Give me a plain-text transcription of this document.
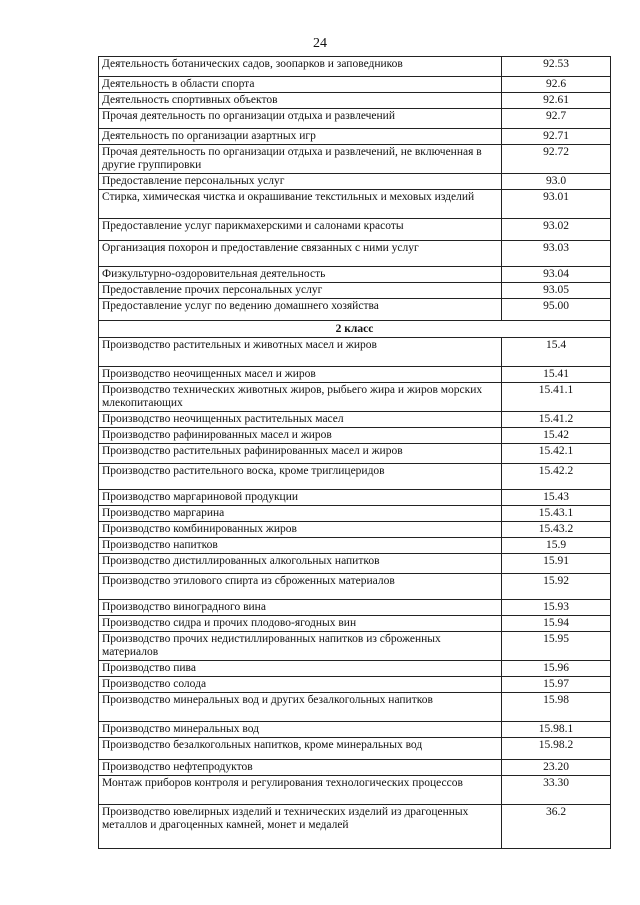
24
Деятельность ботанических садов, зоопарков и заповедников	92.53
Деятельность в области спорта	92.6
Деятельность спортивных объектов	92.61
Прочая деятельность по организации отдыха и развлечений	92.7
Деятельность по организации азартных игр	92.71
Прочая деятельность по организации отдыха и развлечений, не включенная в другие группировки	92.72
Предоставление персональных услуг	93.0
Стирка, химическая чистка и окрашивание текстильных и меховых изделий	93.01
Предоставление услуг парикмахерскими и салонами красоты	93.02
Организация похорон и предоставление связанных с ними услуг	93.03
Физкультурно-оздоровительная деятельность	93.04
Предоставление прочих персональных услуг	93.05
Предоставление услуг по ведению домашнего хозяйства	95.00
2 класс	
Производство растительных и животных масел и жиров	15.4
Производство неочищенных масел и жиров	15.41
Производство технических животных жиров, рыбьего жира и жиров морских млекопитающих	15.41.1
Производство неочищенных растительных масел	15.41.2
Производство рафинированных масел и жиров	15.42
Производство растительных рафинированных масел и жиров	15.42.1
Производство растительного воска, кроме триглицеридов	15.42.2
Производство маргариновой продукции	15.43
Производство маргарина	15.43.1
Производство комбинированных жиров	15.43.2
Производство напитков	15.9
Производство дистиллированных алкогольных напитков	15.91
Производство этилового спирта из сброженных материалов	15.92
Производство виноградного вина	15.93
Производство сидра и прочих плодово-ягодных вин	15.94
Производство прочих недистиллированных напитков из сброженных материалов	15.95
Производство пива	15.96
Производство солода	15.97
Производство минеральных вод и других безалкогольных напитков	15.98
Производство минеральных вод	15.98.1
Производство безалкогольных напитков, кроме минеральных вод	15.98.2
Производство нефтепродуктов	23.20
Монтаж приборов контроля и регулирования технологических процессов	33.30
Производство ювелирных изделий и технических изделий из драгоценных металлов и драгоценных камней, монет и медалей	36.2
